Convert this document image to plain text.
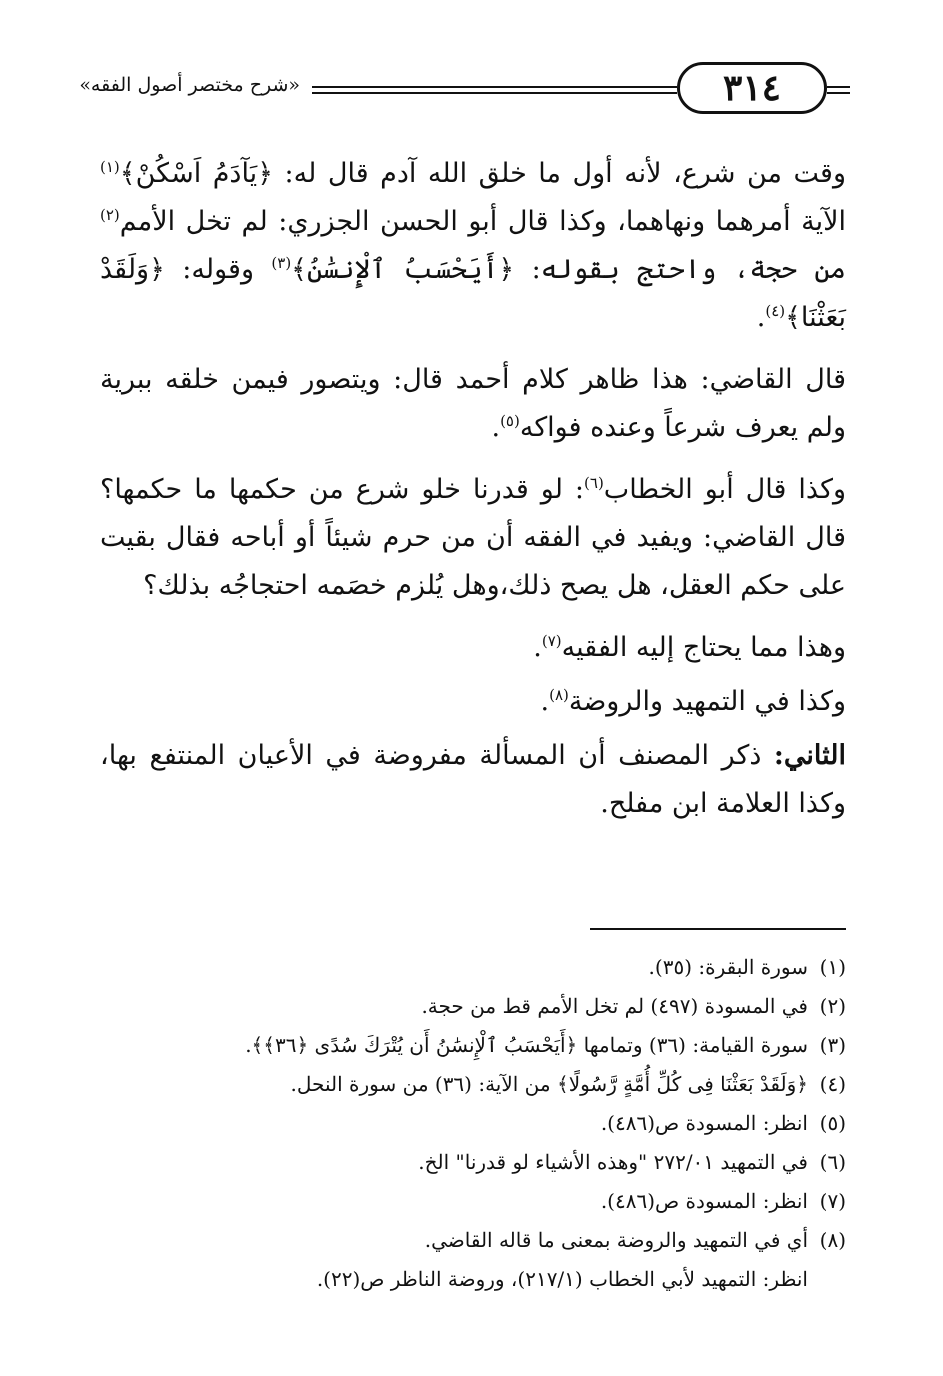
٣١٤
«شرح مختصر أصول الفقه»

وقت من شرع، لأنه أول ما خلق الله آدم قال له: ﴿يَآدَمُ اَسْكُنْ﴾$^{(١)}$ الآية أمرهما ونهاهما، وكذا قال أبو الحسن الجزري: لم تخل الأمم$^{(٢)}$ من حجة، واحتج بقوله: ﴿أَيَحْسَبُ ٱلْإِنسَٰنُ﴾$^{(٣)}$ وقوله: ﴿وَلَقَدْ بَعَثْنَا﴾$^{(٤)}$.

قال القاضي: هذا ظاهر كلام أحمد قال: ويتصور فيمن خلقه ببرية ولم يعرف شرعاً وعنده فواكه$^{(٥)}$.

وكذا قال أبو الخطاب$^{(٦)}$: لو قدرنا خلو شرع من حكمها ما حكمها؟ قال القاضي: ويفيد في الفقه أن من حرم شيئاً أو أباحه فقال بقيت على حكم العقل، هل يصح ذلك،وهل يُلزم خصَمه احتجاجُه بذلك؟

وهذا مما يحتاج إليه الفقيه$^{(٧)}$.

وكذا في التمهيد والروضة$^{(٨)}$.

الثاني: ذكر المصنف أن المسألة مفروضة في الأعيان المنتفع بها، وكذا العلامة ابن مفلح.

(١)سورة البقرة: (٣٥).
(٢)في المسودة (٤٩٧) لم تخل الأمم قط من حجة.
(٣)سورة القيامة: (٣٦) وتمامها ﴿أَيَحْسَبُ ٱلْإِنسَٰنُ أَن يُتْرَكَ سُدًى ﴿٣٦﴾﴾.
(٤)﴿وَلَقَدْ بَعَثْنَا فِى كُلِّ أُمَّةٍ رَّسُولًا﴾ من الآية: (٣٦) من سورة النحل.
(٥)انظر: المسودة ص(٤٨٦).
(٦)في التمهيد ٢٧٢/٠١ "وهذه الأشياء لو قدرنا" الخ.
(٧)انظر: المسودة ص(٤٨٦).
(٨)أي في التمهيد والروضة بمعنى ما قاله القاضي.
انظر: التمهيد لأبي الخطاب (٢١٧/١)، وروضة الناظر ص(٢٢).
